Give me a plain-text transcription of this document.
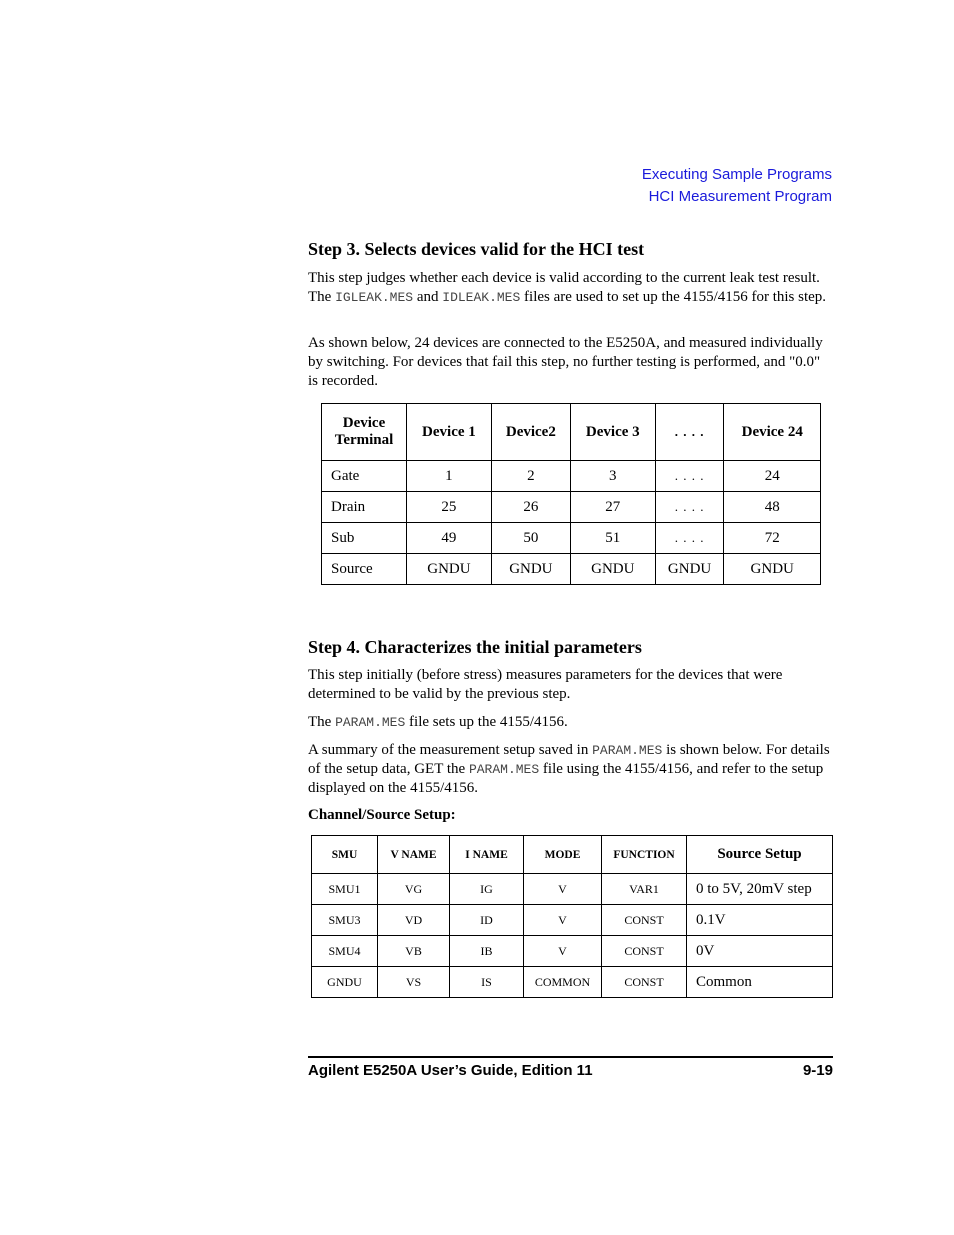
Executing Sample Programs
HCI Measurement Program
Step 3. Selects devices valid for the HCI test

This step judges whether each device is valid according to the current leak test result. The IGLEAK.MES and IDLEAK.MES files are used to set up the 4155/4156 for this step.

As shown below, 24 devices are connected to the E5250A, and measured individually by switching. For devices that fail this step, no further testing is performed, and "0.0" is recorded.

Device
Terminal	Device 1	Device2	Device 3	. . . .	Device 24
Gate	1	2	3	. . . .	24
Drain	25	26	27	. . . .	48
Sub	49	50	51	. . . .	72
Source	GNDU	GNDU	GNDU	GNDU	GNDU
Step 4. Characterizes the initial parameters

This step initially (before stress) measures parameters for the devices that were determined to be valid by the previous step.

The PARAM.MES file sets up the 4155/4156.

A summary of the measurement setup saved in PARAM.MES is shown below. For details of the setup data, GET the PARAM.MES file using the 4155/4156, and refer to the setup displayed on the 4155/4156.

Channel/Source Setup:

SMU	V NAME	I NAME	MODE	FUNCTION	Source Setup
SMU1	VG	IG	V	VAR1	0 to 5V, 20mV step
SMU3	VD	ID	V	CONST	0.1V
SMU4	VB	IB	V	CONST	0V
GNDU	VS	IS	COMMON	CONST	Common
Agilent E5250A User’s Guide, Edition 11	9-19
